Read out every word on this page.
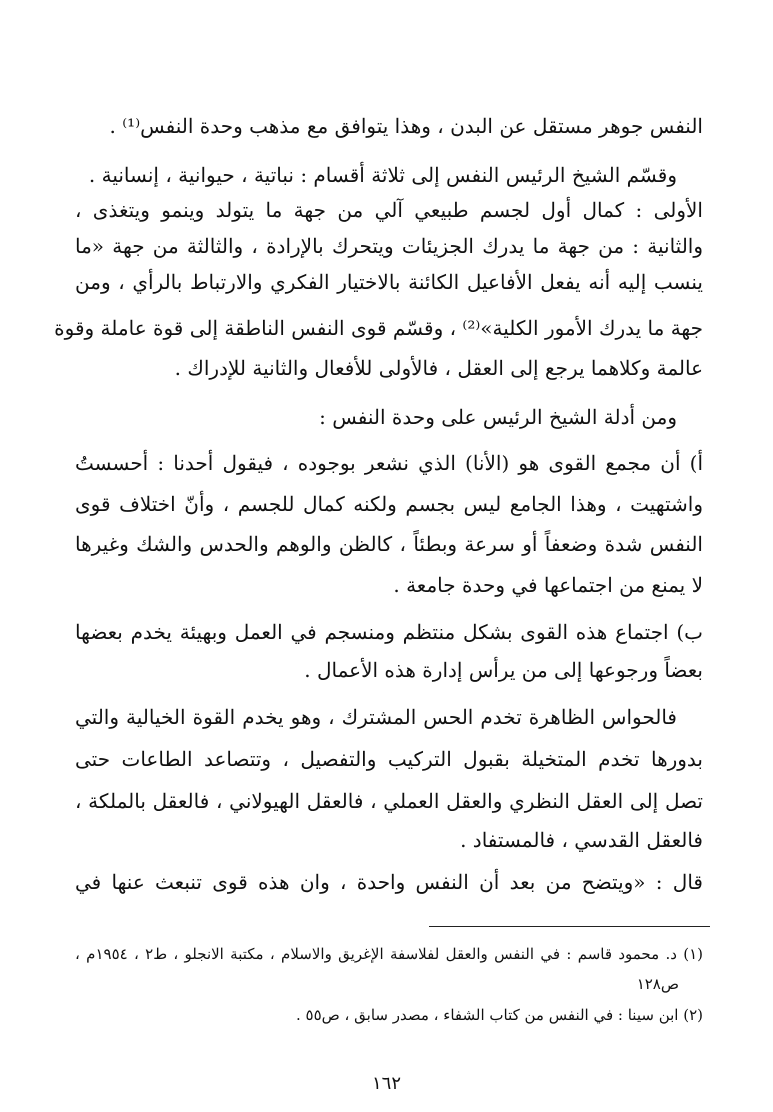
النفس جوهر مستقل عن البدن ، وهذا يتوافق مع مذهب وحدة النفس⁽¹⁾ .
وقسّم الشيخ الرئيس النفس إلى ثلاثة أقسام : نباتية ، حيوانية ، إنسانية .
الأولى : كمال أول لجسم طبيعي آلي من جهة ما يتولد وينمو ويتغذى ،
والثانية : من جهة ما يدرك الجزيئات ويتحرك بالإرادة ، والثالثة من جهة «ما
ينسب إليه أنه يفعل الأفاعيل الكائنة بالاختيار الفكري والارتباط بالرأي ، ومن
جهة ما يدرك الأمور الكلية»⁽²⁾ ، وقسّم قوى النفس الناطقة إلى قوة عاملة وقوة
عالمة وكلاهما يرجع إلى العقل ، فالأولى للأفعال والثانية للإدراك .
ومن أدلة الشيخ الرئيس على وحدة النفس :
أ) أن مجمع القوى هو (الأنا) الذي نشعر بوجوده ، فيقول أحدنا : أحسستُ
واشتهيت ، وهذا الجامع ليس بجسم ولكنه كمال للجسم ، وأنّ اختلاف قوى
النفس شدة وضعفاً أو سرعة وبطئاً ، كالظن والوهم والحدس والشك وغيرها
لا يمنع من اجتماعها في وحدة جامعة .
ب) اجتماع هذه القوى بشكل منتظم ومنسجم في العمل وبهيئة يخدم بعضها
بعضاً ورجوعها إلى من يرأس إدارة هذه الأعمال .
فالحواس الظاهرة تخدم الحس المشترك ، وهو يخدم القوة الخيالية والتي
بدورها تخدم المتخيلة بقبول التركيب والتفصيل ، وتتصاعد الطاعات حتى
تصل إلى العقل النظري والعقل العملي ، فالعقل الهيولاني ، فالعقل بالملكة ،
فالعقل القدسي ، فالمستفاد .
قال : «ويتضح من بعد أن النفس واحدة ، وان هذه قوى تنبعث عنها في
(١) د. محمود قاسم : في النفس والعقل لفلاسفة الإغريق والاسلام ، مكتبة الانجلو ، ط٢ ، ١٩٥٤م ،
ص١٢٨
(٢) ابن سينا : في النفس من كتاب الشفاء ، مصدر سابق ، ص٥٥ .
١٦٢
